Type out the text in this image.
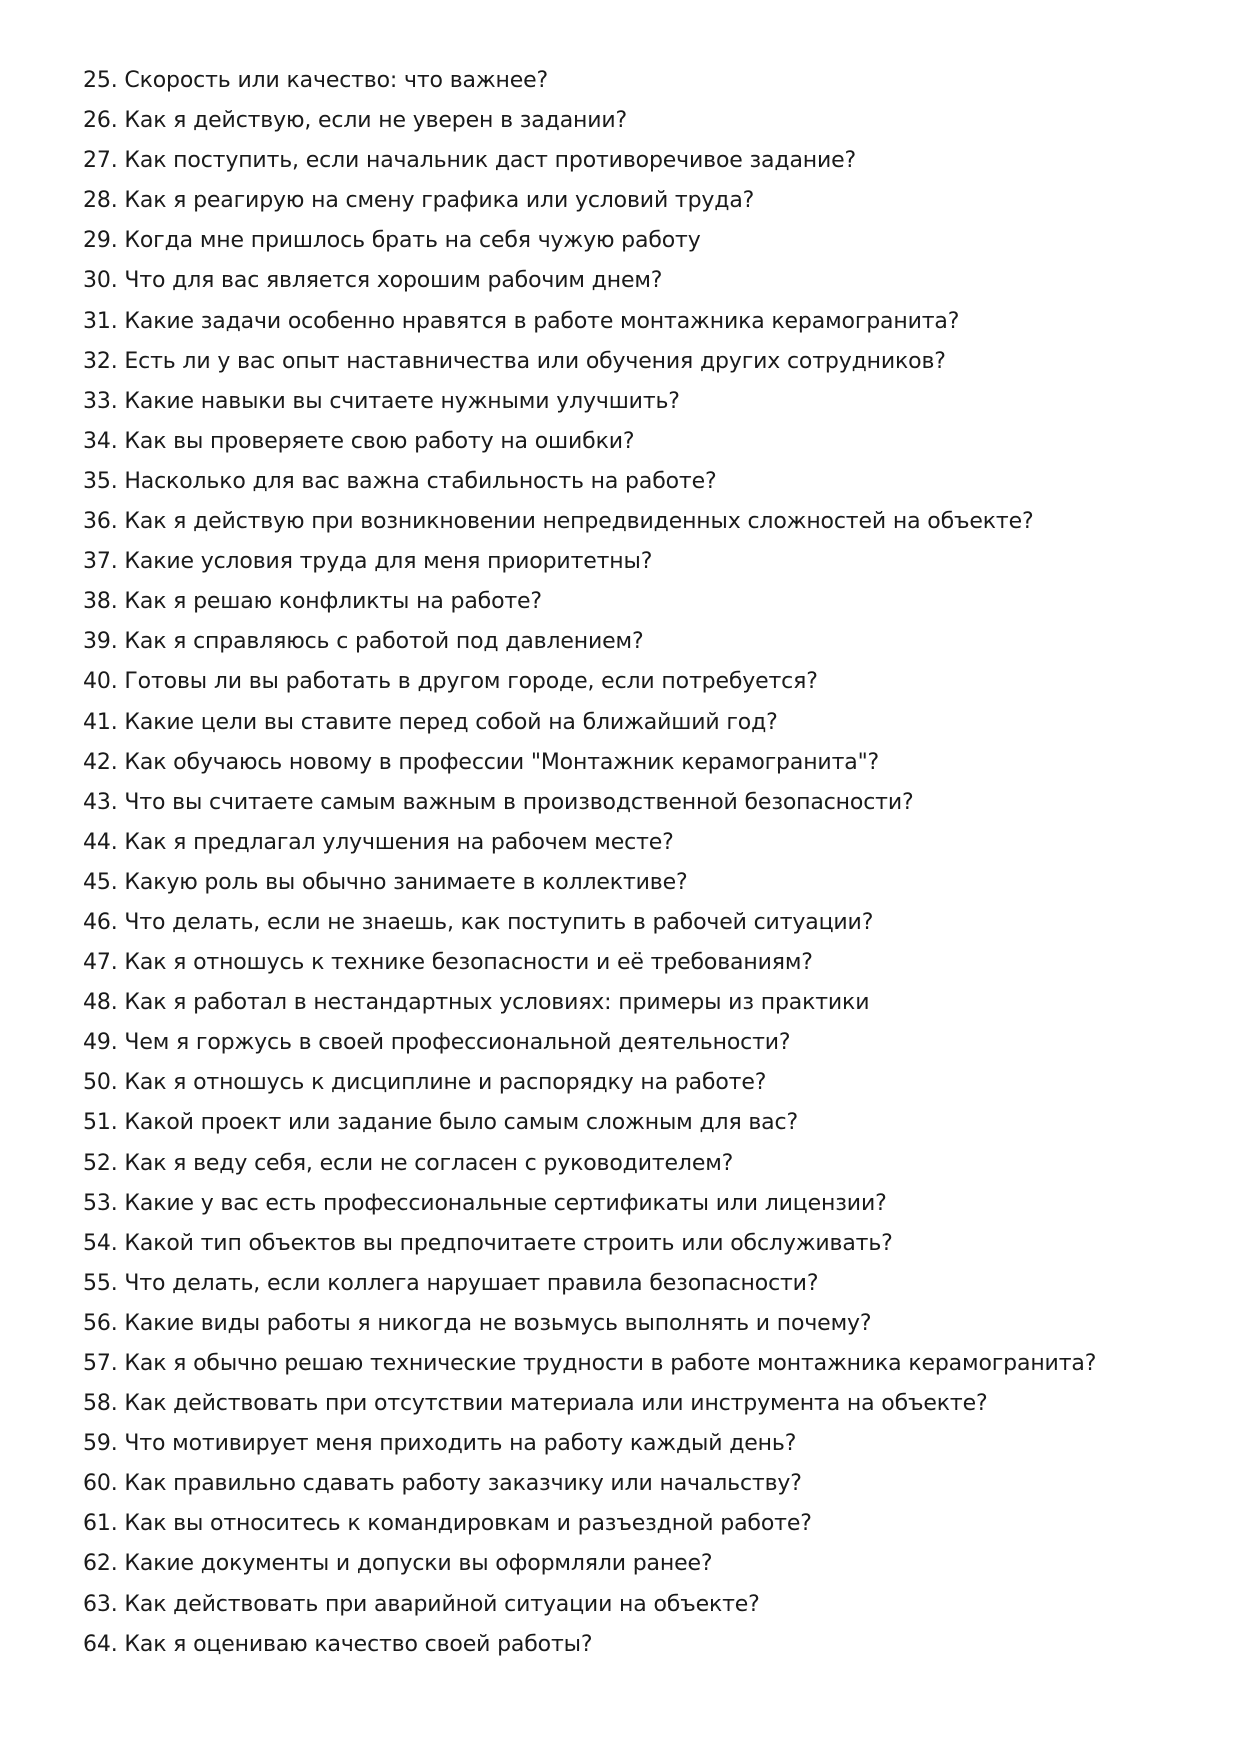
25. Скорость или качество: что важнее?
26. Как я действую, если не уверен в задании?
27. Как поступить, если начальник даст противоречивое задание?
28. Как я реагирую на смену графика или условий труда?
29. Когда мне пришлось брать на себя чужую работу
30. Что для вас является хорошим рабочим днем?
31. Какие задачи особенно нравятся в работе монтажника керамогранита?
32. Есть ли у вас опыт наставничества или обучения других сотрудников?
33. Какие навыки вы считаете нужными улучшить?
34. Как вы проверяете свою работу на ошибки?
35. Насколько для вас важна стабильность на работе?
36. Как я действую при возникновении непредвиденных сложностей на объекте?
37. Какие условия труда для меня приоритетны?
38. Как я решаю конфликты на работе?
39. Как я справляюсь с работой под давлением?
40. Готовы ли вы работать в другом городе, если потребуется?
41. Какие цели вы ставите перед собой на ближайший год?
42. Как обучаюсь новому в профессии "Монтажник керамогранита"?
43. Что вы считаете самым важным в производственной безопасности?
44. Как я предлагал улучшения на рабочем месте?
45. Какую роль вы обычно занимаете в коллективе?
46. Что делать, если не знаешь, как поступить в рабочей ситуации?
47. Как я отношусь к технике безопасности и её требованиям?
48. Как я работал в нестандартных условиях: примеры из практики
49. Чем я горжусь в своей профессиональной деятельности?
50. Как я отношусь к дисциплине и распорядку на работе?
51. Какой проект или задание было самым сложным для вас?
52. Как я веду себя, если не согласен с руководителем?
53. Какие у вас есть профессиональные сертификаты или лицензии?
54. Какой тип объектов вы предпочитаете строить или обслуживать?
55. Что делать, если коллега нарушает правила безопасности?
56. Какие виды работы я никогда не возьмусь выполнять и почему?
57. Как я обычно решаю технические трудности в работе монтажника керамогранита?
58. Как действовать при отсутствии материала или инструмента на объекте?
59. Что мотивирует меня приходить на работу каждый день?
60. Как правильно сдавать работу заказчику или начальству?
61. Как вы относитесь к командировкам и разъездной работе?
62. Какие документы и допуски вы оформляли ранее?
63. Как действовать при аварийной ситуации на объекте?
64. Как я оцениваю качество своей работы?
